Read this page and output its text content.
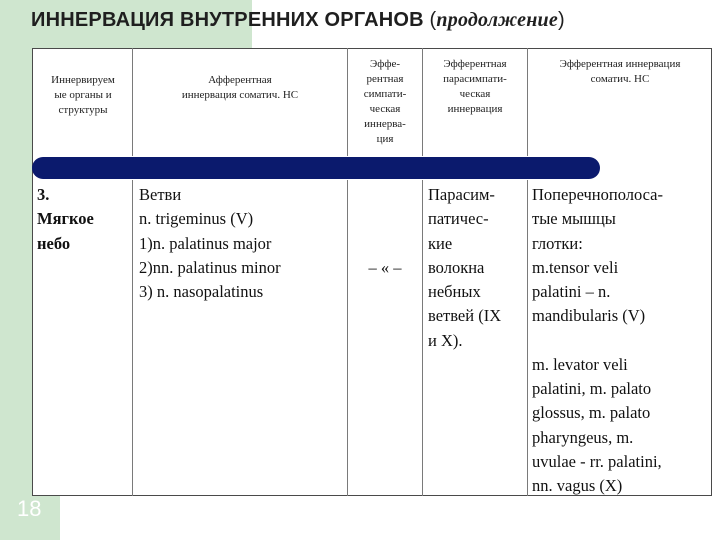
ИННЕРВАЦИЯ ВНУТРЕННИХ ОРГАНОВ (продолжение)
Иннервируем
ые органы и
структуры
Афферентная
иннервация соматич. НС
Эффе-
рентная
симпати-
ческая
иннерва-
ция
Эфферентная
парасимпати-
ческая
иннервация
Эфферентная иннервация
соматич. НС
3.
Мягкое
небо
Ветви
n. trigeminus (V)
1)n. palatinus major
2)nn. palatinus minor
3) n. nasopalatinus
– « –
Парасим-
патичес-
кие
волокна
небных
ветвей (IX
и X).
Поперечнополоса-
тые мышцы
глотки:
m.tensor veli
palatini – n.
mandibularis (V)
m. levator veli
palatini, m. palato
glossus, m. palato
pharyngeus, m.
uvulae - rr. palatini,
nn. vagus (X)
18
